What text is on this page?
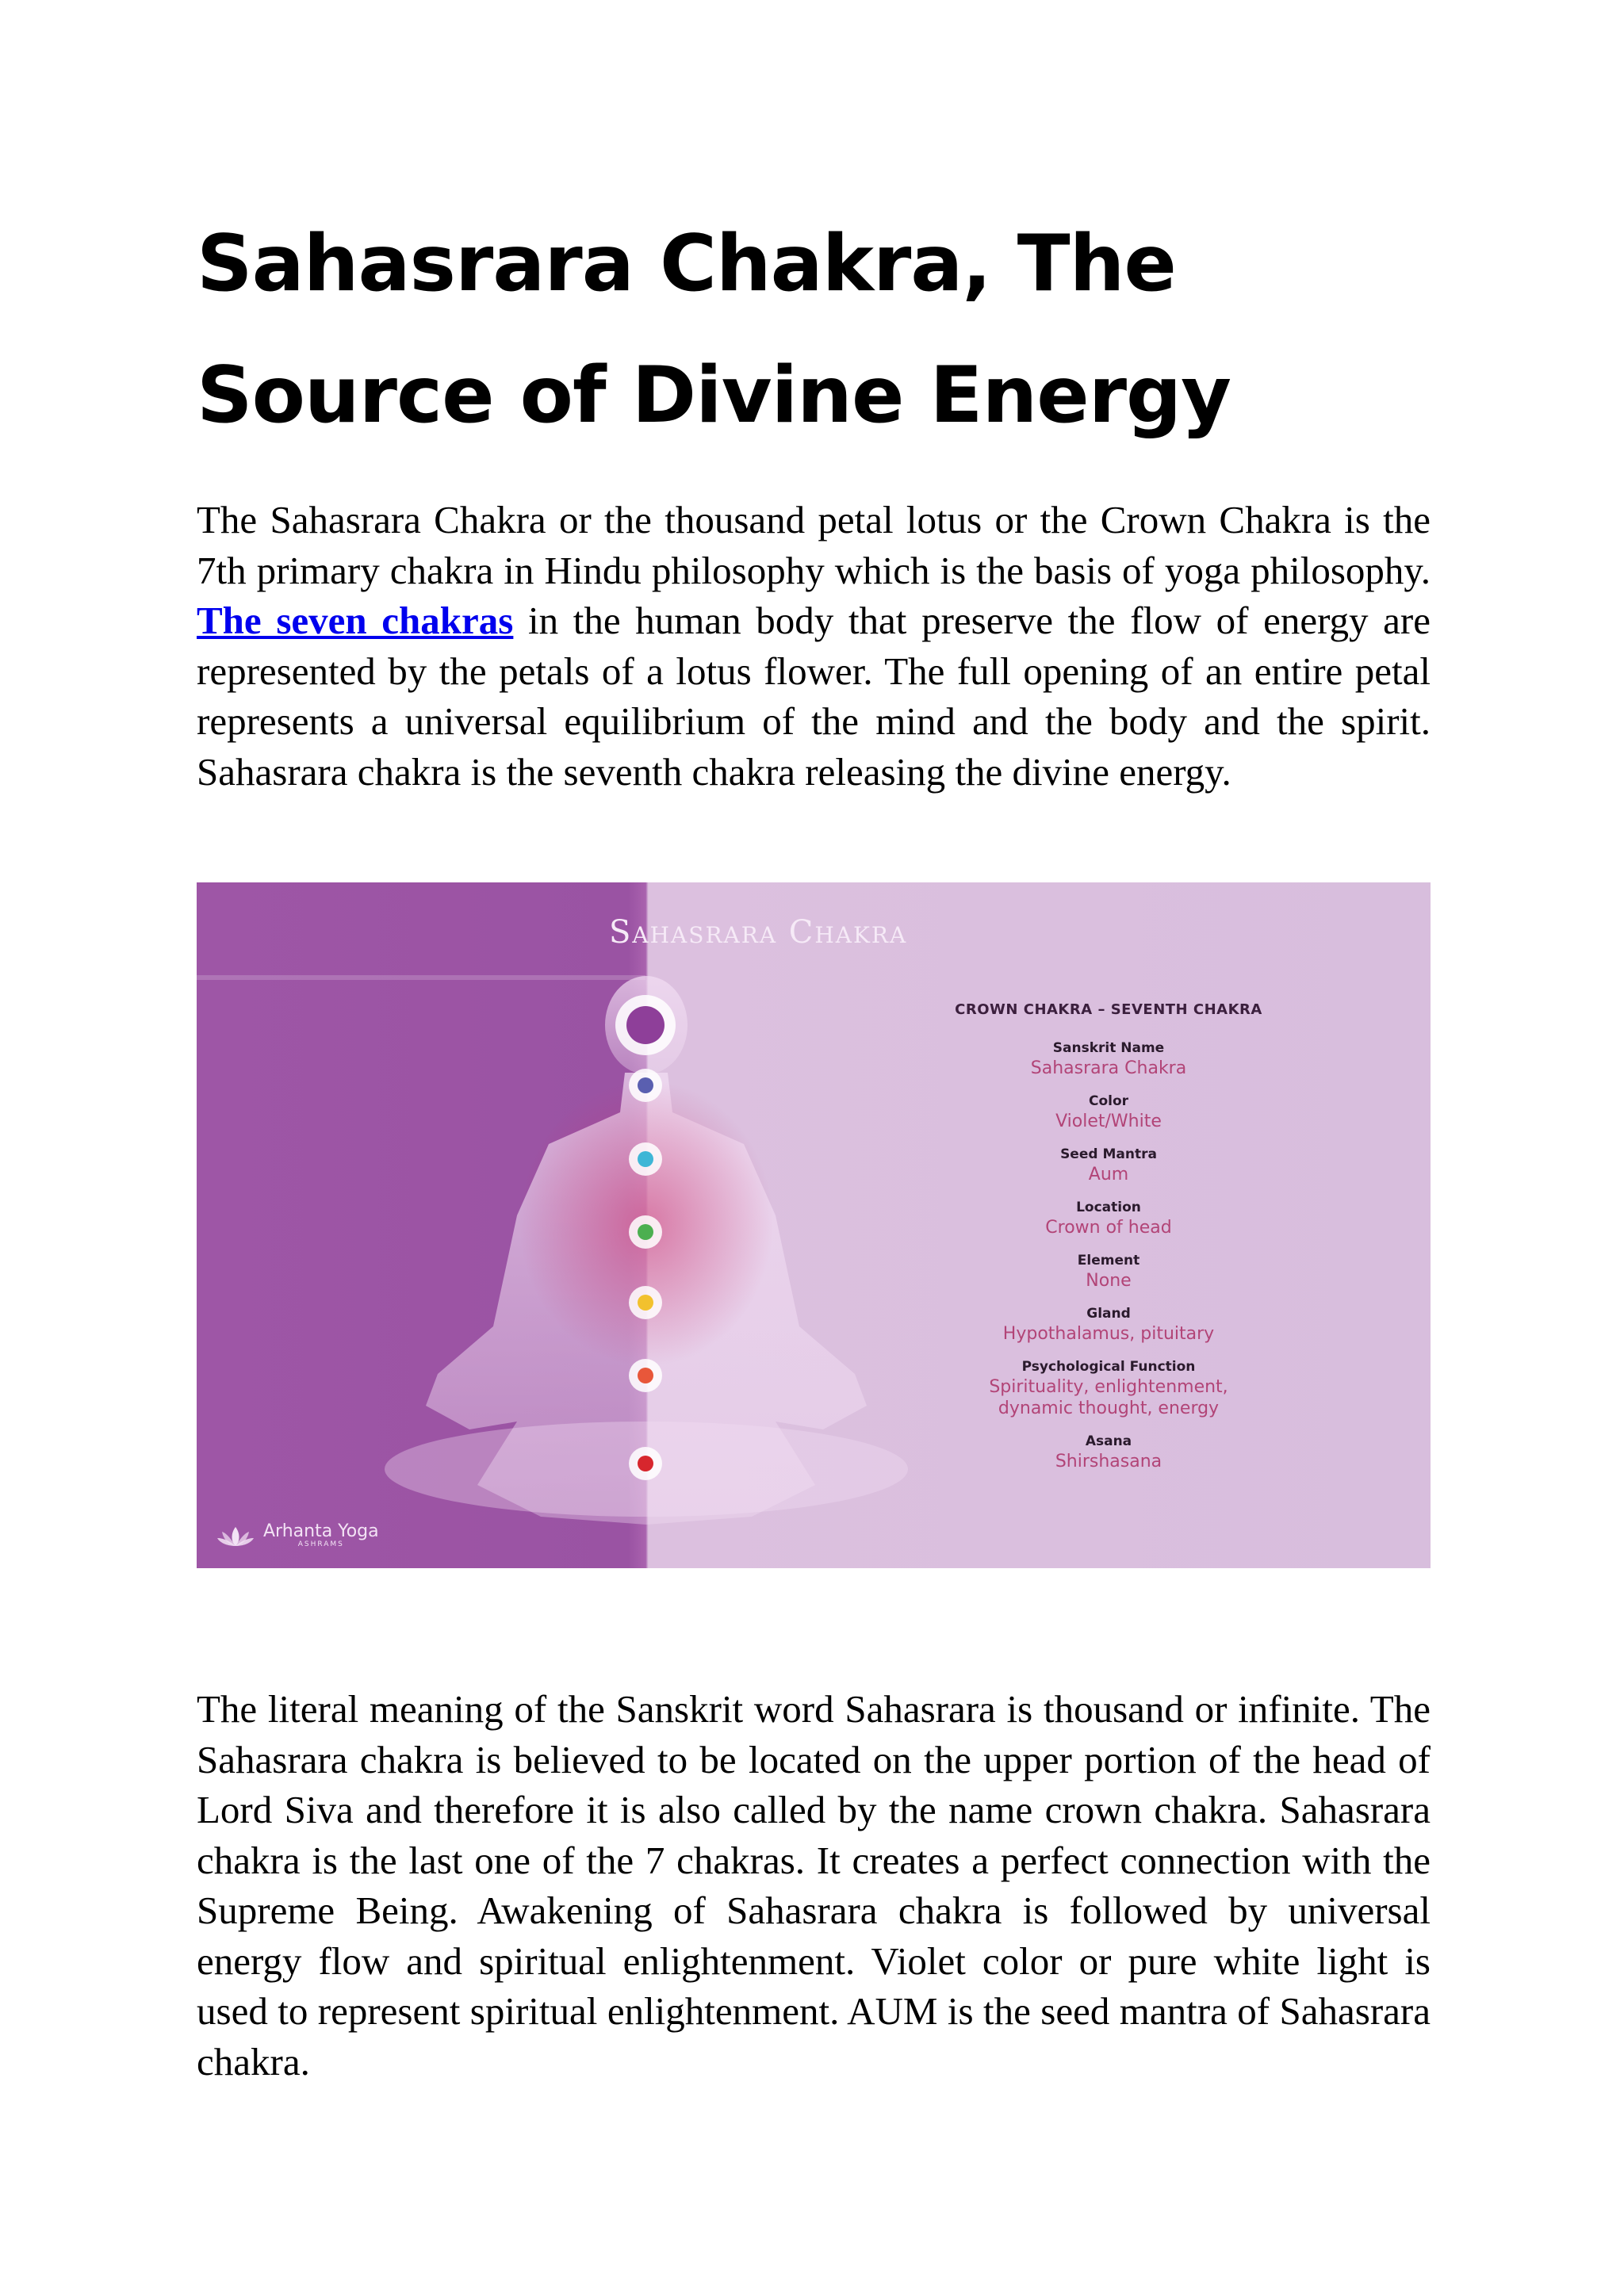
Sahasrara Chakra, The Source of Divine Energy

The Sahasrara Chakra or the thousand petal lotus or the Crown Chakra is the 7th primary chakra in Hindu philosophy which is the basis of yoga philosophy. The seven chakras in the human body that preserve the flow of energy are represented by the petals of a lotus flower. The full opening of an entire petal represents a universal equilibrium of the mind and the body and the spirit. Sahasrara chakra is the seventh chakra releasing the divine energy.

The literal meaning of the Sanskrit word Sahasrara is thousand or infinite. The Sahasrara chakra is believed to be located on the upper portion of the head of Lord Siva and therefore it is also called by the name crown chakra. Sahasrara chakra is the last one of the 7 chakras. It creates a perfect connection with the Supreme Being. Awakening of Sahasrara chakra is followed by universal energy flow and spiritual enlightenment. Violet color or pure white light is used to represent spiritual enlightenment. AUM is the seed mantra of Sahasrara chakra.

Sahasrara Chakra
CROWN CHAKRA – SEVENTH CHAKRA
Sanskrit Name
Sahasrara Chakra
Color
Violet/White
Seed Mantra
Aum
Location
Crown of head
Element
None
Gland
Hypothalamus, pituitary
Psychological Function
Spirituality, enlightenment,
dynamic thought, energy
Asana
Shirshasana
Arhanta Yoga
ASHRAMS
